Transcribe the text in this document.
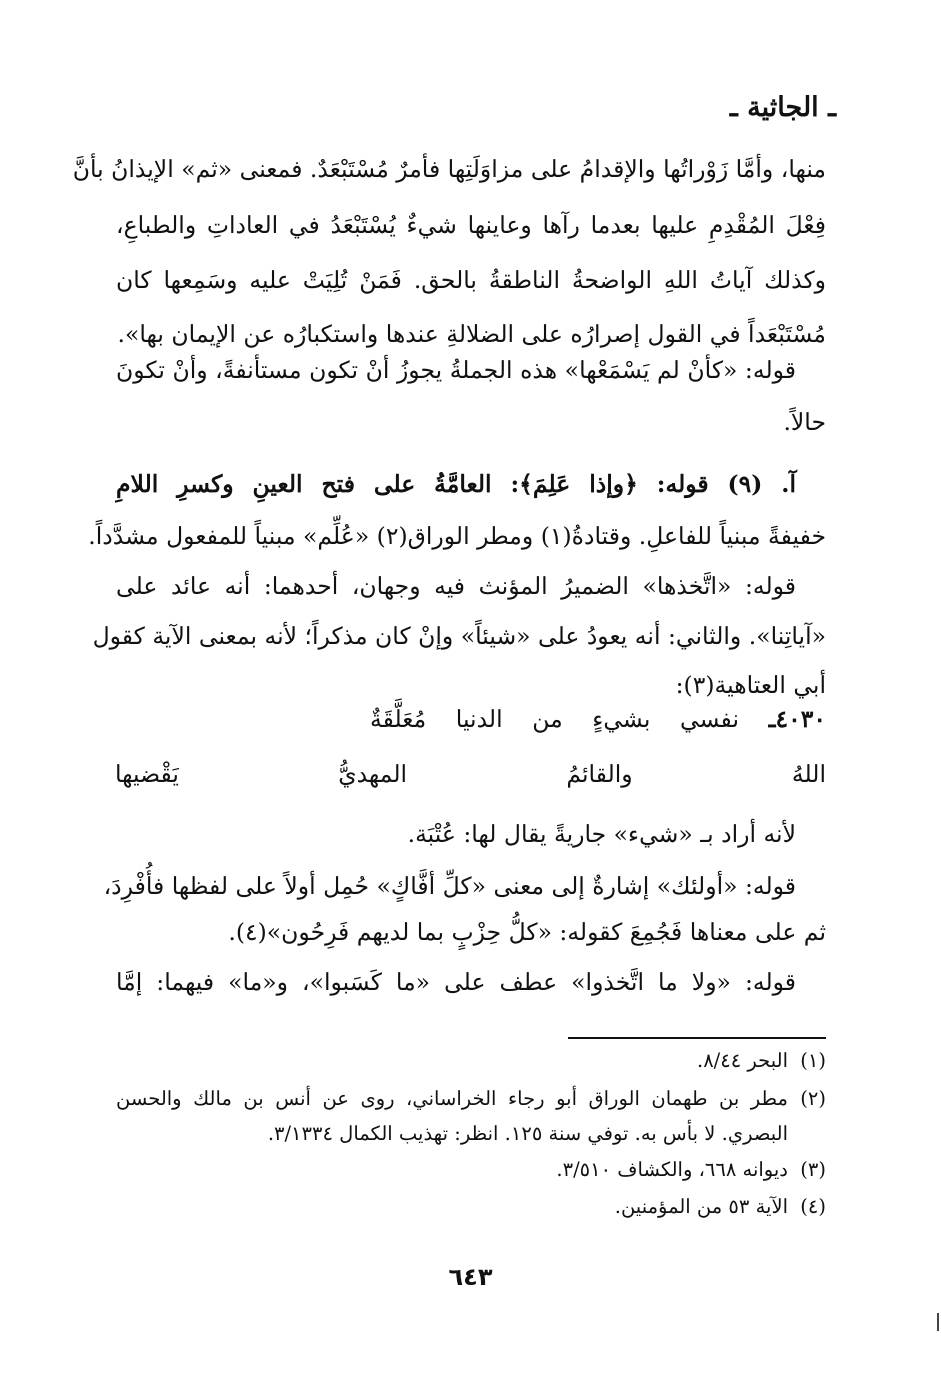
ـ الجاثية ـ
منها، وأمَّا زَوْراتُها والإقدامُ على مزاوَلَتِها فأمرٌ مُسْتَبْعَدٌ. فمعنى «ثم» الإيذانُ بأنَّ
فِعْلَ المُقْدِمِ عليها بعدما رآها وعاينها شيءٌ يُسْتَبْعَدُ في العاداتِ والطباعِ،
وكذلك آياتُ اللهِ الواضحةُ الناطقةُ بالحق. فَمَنْ تُلِيَتْ عليه وسَمِعها كان
مُسْتَبْعَداً في القول إصرارُه على الضلالةِ عندها واستكبارُه عن الإيمان بها».
قوله: «كأنْ لم يَسْمَعْها» هذه الجملةُ يجوزُ أنْ تكون مستأنفةً، وأنْ تكونَ
حالاً.
آ. (٩) قوله: ﴿وإذا عَلِمَ﴾: العامَّةُ على فتح العينِ وكسرِ اللامِ
خفيفةً مبنياً للفاعلِ. وقتادةُ(١) ومطر الوراق(٢) «عُلِّم» مبنياً للمفعول مشدَّداً.
قوله: «اتَّخذها» الضميرُ المؤنث فيه وجهان، أحدهما: أنه عائد على
«آياتِنا». والثاني: أنه يعودُ على «شيئاً» وإنْ كان مذكراً؛ لأنه بمعنى الآية كقول
أبي العتاهية(٣):
٤٠٣٠ـ نفسي بشيءٍ من الدنيا مُعَلَّقَةٌ
اللهُ والقائمُ المهديُّ يَقْضيها
لأنه أراد بـ «شيء» جاريةً يقال لها: عُتْبَة.
قوله: «أولئك» إشارةٌ إلى معنى «كلِّ أفَّاكٍ» حُمِل أولاً على لفظها فأُفْرِدَ،
ثم على معناها فَجُمِعَ كقوله: «كلُّ حِزْبٍ بما لديهم فَرِحُون»(٤).
قوله: «ولا ما اتَّخذوا» عطف على «ما كَسَبوا»، و«ما» فيهما: إمَّا
(١)البحر ٨/٤٤.
(٢)مطر بن طهمان الوراق أبو رجاء الخراساني، روى عن أنس بن مالك والحسن
البصري. لا بأس به. توفي سنة ١٢٥. انظر: تهذيب الكمال ٣/١٣٣٤.
(٣)ديوانه ٦٦٨، والكشاف ٣/٥١٠.
(٤)الآية ٥٣ من المؤمنين.
٦٤٣
